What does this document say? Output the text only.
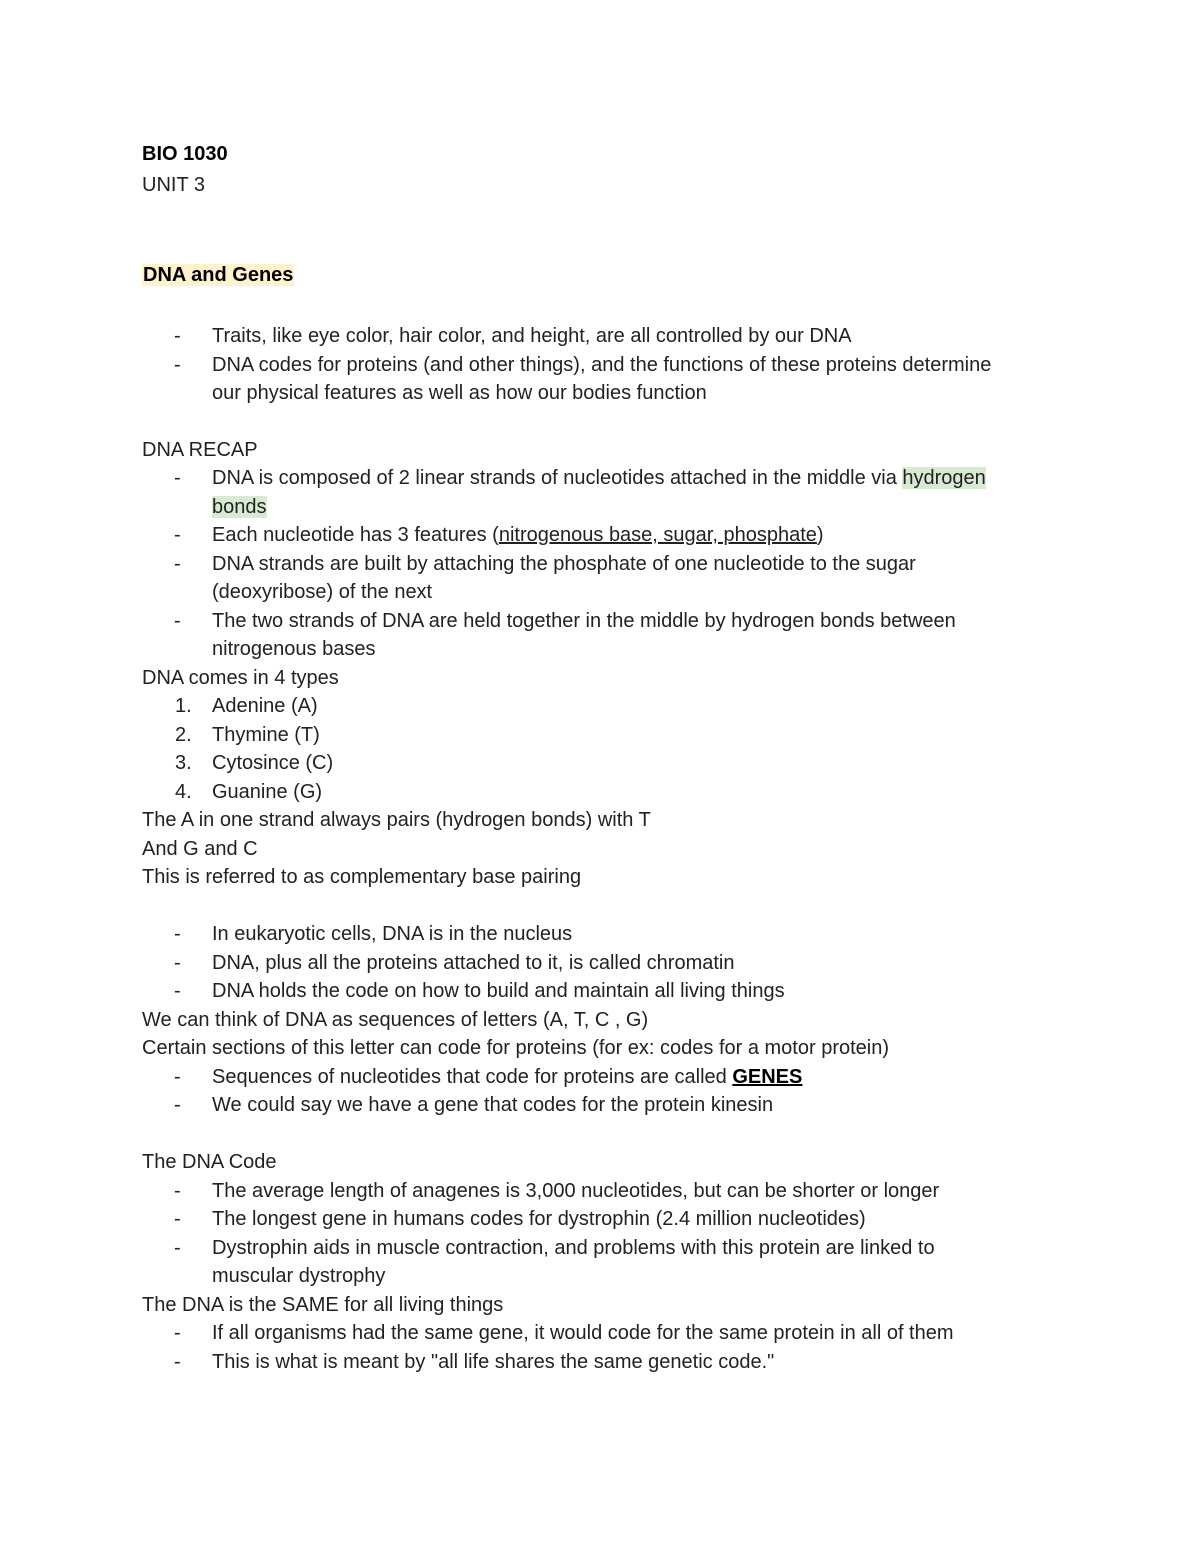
BIO 1030
UNIT 3
DNA and Genes
- Traits, like eye color, hair color, and height, are all controlled by our DNA
- DNA codes for proteins (and other things), and the functions of these proteins determine
our physical features as well as how our bodies function
DNA RECAP
- DNA is composed of 2 linear strands of nucleotides attached in the middle via hydrogen
bonds
- Each nucleotide has 3 features (nitrogenous base, sugar, phosphate)
- DNA strands are built by attaching the phosphate of one nucleotide to the sugar
(deoxyribose) of the next
- The two strands of DNA are held together in the middle by hydrogen bonds between
nitrogenous bases
DNA comes in 4 types
1. Adenine (A)
2. Thymine (T)
3. Cytosince (C)
4. Guanine (G)
The A in one strand always pairs (hydrogen bonds) with T
And G and C
This is referred to as complementary base pairing
- In eukaryotic cells, DNA is in the nucleus
- DNA, plus all the proteins attached to it, is called chromatin
- DNA holds the code on how to build and maintain all living things
We can think of DNA as sequences of letters (A, T, C , G)
Certain sections of this letter can code for proteins (for ex: codes for a motor protein)
- Sequences of nucleotides that code for proteins are called GENES
- We could say we have a gene that codes for the protein kinesin
The DNA Code
- The average length of anagenes is 3,000 nucleotides, but can be shorter or longer
- The longest gene in humans codes for dystrophin (2.4 million nucleotides)
- Dystrophin aids in muscle contraction, and problems with this protein are linked to
muscular dystrophy
The DNA is the SAME for all living things
- If all organisms had the same gene, it would code for the same protein in all of them
- This is what is meant by "all life shares the same genetic code."
